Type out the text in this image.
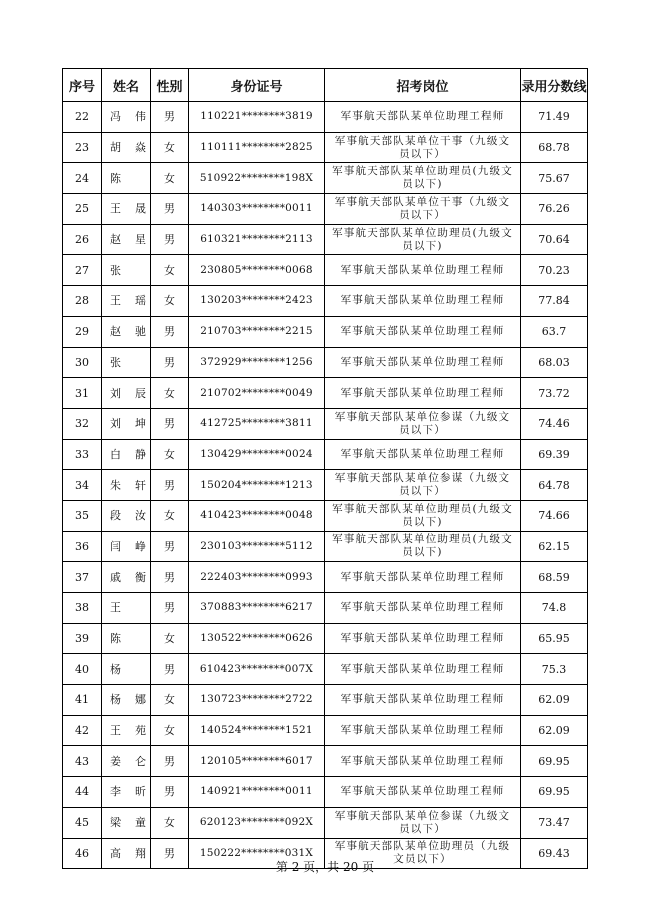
序号	姓名	性别	身份证号	招考岗位	录用分数线
22	冯伟	男	110221********3819	军事航天部队某单位助理工程师	71.49
23	胡焱	女	110111********2825	军事航天部队某单位干事（九级文员以下）	68.78
24	陈	女	510922********198X	军事航天部队某单位助理员(九级文员以下)	75.67
25	王晟	男	140303********0011	军事航天部队某单位干事（九级文员以下）	76.26
26	赵星	男	610321********2113	军事航天部队某单位助理员(九级文员以下)	70.64
27	张	女	230805********0068	军事航天部队某单位助理工程师	70.23
28	王瑶	女	130203********2423	军事航天部队某单位助理工程师	77.84
29	赵驰	男	210703********2215	军事航天部队某单位助理工程师	63.7
30	张	男	372929********1256	军事航天部队某单位助理工程师	68.03
31	刘辰	女	210702********0049	军事航天部队某单位助理工程师	73.72
32	刘坤	男	412725********3811	军事航天部队某单位参谋（九级文员以下）	74.46
33	白静	女	130429********0024	军事航天部队某单位助理工程师	69.39
34	朱轩	男	150204********1213	军事航天部队某单位参谋（九级文员以下）	64.78
35	段汝	女	410423********0048	军事航天部队某单位助理员(九级文员以下)	74.66
36	闫峥	男	230103********5112	军事航天部队某单位助理员(九级文员以下)	62.15
37	戚衡	男	222403********0993	军事航天部队某单位助理工程师	68.59
38	王	男	370883********6217	军事航天部队某单位助理工程师	74.8
39	陈	女	130522********0626	军事航天部队某单位助理工程师	65.95
40	杨	男	610423********007X	军事航天部队某单位助理工程师	75.3
41	杨娜	女	130723********2722	军事航天部队某单位助理工程师	62.09
42	王苑	女	140524********1521	军事航天部队某单位助理工程师	62.09
43	姜仑	男	120105********6017	军事航天部队某单位助理工程师	69.95
44	李昕	男	140921********0011	军事航天部队某单位助理工程师	69.95
45	梁童	女	620123********092X	军事航天部队某单位参谋（九级文员以下）	73.47
46	高翔	男	150222********031X	军事航天部队某单位助理员（九级文员以下）	69.43
第 2 页，共 20 页
